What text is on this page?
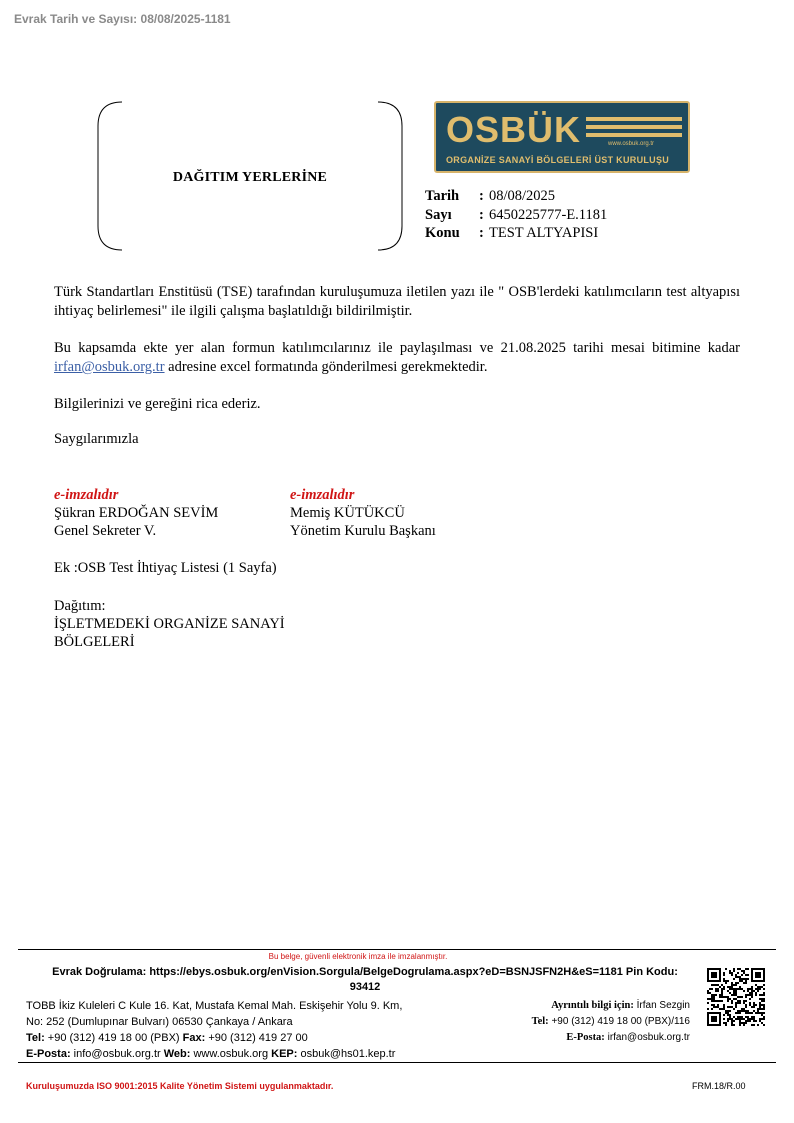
Evrak Tarih ve Sayısı: 08/08/2025-1181
DAĞITIM YERLERİNE
OSBÜK	www.osbuk.org.tr
ORGANİZE SANAYİ BÖLGELERİ ÜST KURULUŞU
Tarih	: 08/08/2025
Sayı	: 6450225777-E.1181
Konu	: TEST ALTYAPISI
Türk Standartları Enstitüsü (TSE) tarafından kuruluşumuza iletilen yazı ile " OSB'lerdeki katılımcıların test altyapısı ihtiyaç belirlemesi" ile ilgili çalışma başlatıldığı bildirilmiştir.
Bu kapsamda ekte yer alan formun katılımcılarınız ile paylaşılması ve 21.08.2025 tarihi mesai bitimine kadar irfan@osbuk.org.tr adresine excel formatında gönderilmesi gerekmektedir.
Bilgilerinizi ve gereğini rica ederiz.
Saygılarımızla
e-imzalıdır
Şükran ERDOĞAN SEVİM
Genel Sekreter V.
e-imzalıdır
Memiş KÜTÜKCÜ
Yönetim Kurulu Başkanı
Ek :OSB Test İhtiyaç Listesi (1 Sayfa)
Dağıtım:
İŞLETMEDEKİ ORGANİZE SANAYİ
BÖLGELERİ
Bu belge, güvenli elektronik imza ile imzalanmıştır.
Evrak Doğrulama: https://ebys.osbuk.org/enVision.Sorgula/BelgeDogrulama.aspx?eD=BSNJSFN2H&eS=1181 Pin Kodu:
93412
TOBB İkiz Kuleleri C Kule 16. Kat, Mustafa Kemal Mah. Eskişehir Yolu 9. Km,
No: 252 (Dumlupınar Bulvarı) 06530 Çankaya / Ankara
Tel: +90 (312) 419 18 00 (PBX) Fax: +90 (312) 419 27 00
E-Posta: info@osbuk.org.tr Web: www.osbuk.org KEP: osbuk@hs01.kep.tr
Ayrıntılı bilgi için: İrfan Sezgin
Tel: +90 (312) 419 18 00 (PBX)/116
E-Posta: irfan@osbuk.org.tr
Kuruluşumuzda ISO 9001:2015 Kalite Yönetim Sistemi uygulanmaktadır.	FRM.18/R.00
